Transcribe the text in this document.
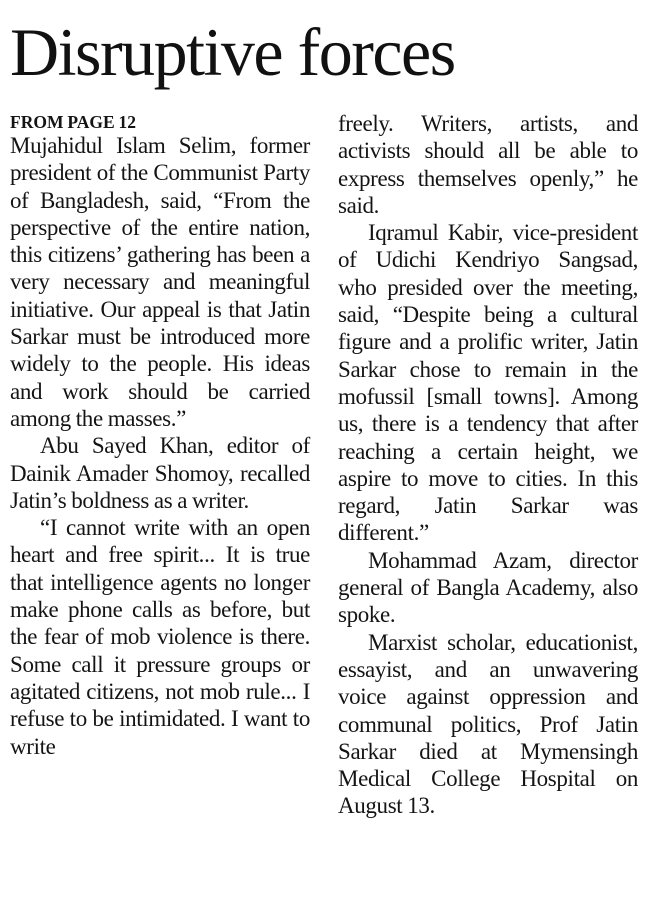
Disruptive forces
FROM PAGE 12

Mujahidul Islam Selim, former president of the Communist Party of Bangladesh, said, “From the perspective of the entire nation, this citizens’ gathering has been a very necessary and meaningful initiative. Our appeal is that Jatin Sarkar must be introduced more widely to the people. His ideas and work should be carried among the masses.”

Abu Sayed Khan, editor of Dainik Amader Shomoy, recalled Jatin’s boldness as a writer.

“I cannot write with an open heart and free spirit... It is true that intelligence agents no longer make phone calls as before, but the fear of mob violence is there. Some call it pressure groups or agitated citizens, not mob rule... I refuse to be intimidated. I want to write

freely. Writers, artists, and activists should all be able to express themselves openly,” he said.

Iqramul Kabir, vice-president of Udichi Kendriyo Sangsad, who presided over the meeting, said, “Despite being a cultural figure and a prolific writer, Jatin Sarkar chose to remain in the mofussil [small towns]. Among us, there is a tendency that after reaching a certain height, we aspire to move to cities. In this regard, Jatin Sarkar was different.”

Mohammad Azam, director general of Bangla Academy, also spoke.

Marxist scholar, educationist, essayist, and an unwavering voice against oppression and communal politics, Prof Jatin Sarkar died at Mymensingh Medical College Hospital on August 13.
